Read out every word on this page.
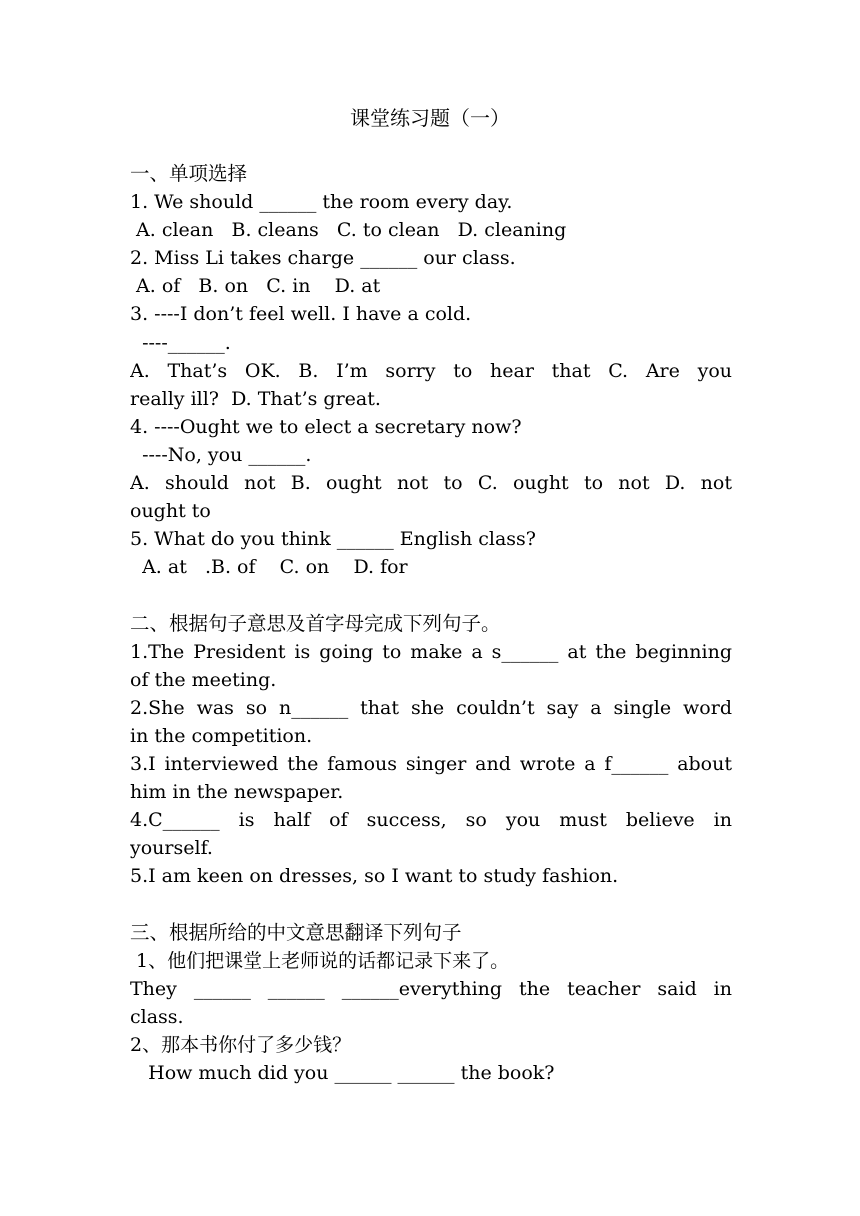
课堂练习题（一）
一、单项选择
1. We should ______ the room every day.
A. clean   B. cleans   C. to clean   D. cleaning
2. Miss Li takes charge ______ our class.
A. of   B. on   C. in    D. at
3. ----I don’t feel well. I have a cold.
----______.
A. That’s OK. B. I’m sorry to hear that C. Are you
really ill?  D. That’s great.
4. ----Ought we to elect a secretary now?
----No, you ______.
A. should not B. ought not to C. ought to not D. not
ought to
5. What do you think ______ English class?
A. at   .B. of    C. on    D. for
二、根据句子意思及首字母完成下列句子。
1.The President is going to make a s______ at the beginning
of the meeting.
2.She was so n______ that she couldn’t say a single word
in the competition.
3.I interviewed the famous singer and wrote a f______ about
him in the newspaper.
4.C______ is half of success, so you must believe in
yourself.
5.I am keen on dresses, so I want to study fashion.
三、根据所给的中文意思翻译下列句子
1、他们把课堂上老师说的话都记录下来了。
They ______ ______ ______everything the teacher said in
class.
2、那本书你付了多少钱？
How much did you ______ ______ the book?
